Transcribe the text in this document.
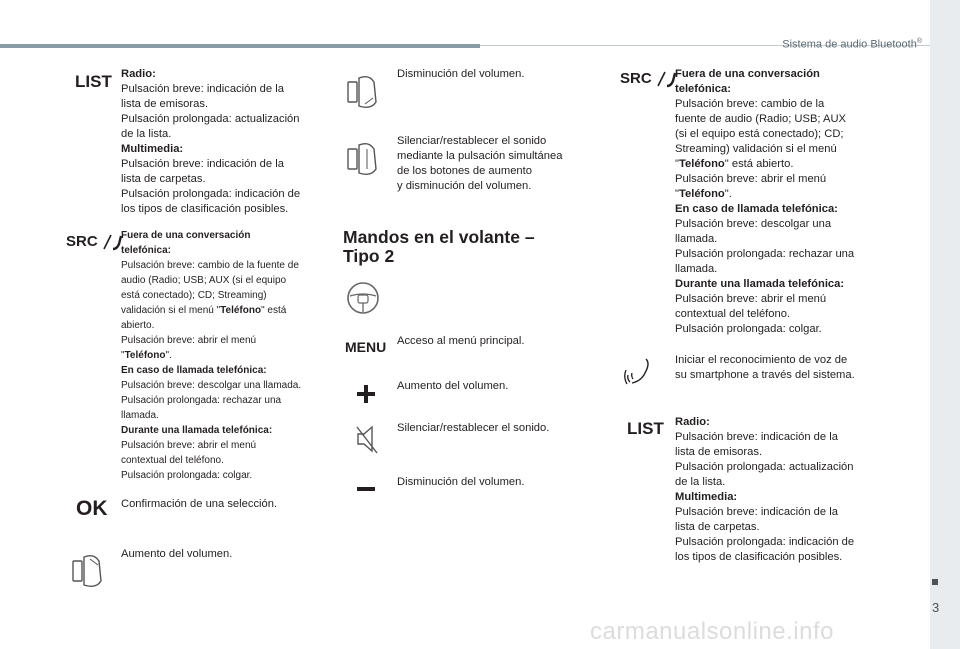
Sistema de audio Bluetooth®
3
carmanualsonline.info
LIST Radio:
Pulsación breve: indicación de la
lista de emisoras.
Pulsación prolongada: actualización
de la lista.
Multimedia:
Pulsación breve: indicación de la
lista de carpetas.
Pulsación prolongada: indicación de
los tipos de clasificación posibles.
SRC	Fuera de una conversación
telefónica:
Pulsación breve: cambio de la fuente de
audio (Radio; USB; AUX (si el equipo
está conectado); CD; Streaming)
validación si el menú "Teléfono" está
abierto.
Pulsación breve: abrir el menú
"Teléfono".
En caso de llamada telefónica:
Pulsación breve: descolgar una llamada.
Pulsación prolongada: rechazar una
llamada.
Durante una llamada telefónica:
Pulsación breve: abrir el menú
contextual del teléfono.
Pulsación prolongada: colgar.
OK Confirmación de una selección.
Aumento del volumen.
Disminución del volumen.
Silenciar/restablecer el sonido
mediante la pulsación simultánea
de los botones de aumento
y disminución del volumen.
Mandos en el volante –
Tipo 2
MENU Acceso al menú principal.
Aumento del volumen.
Silenciar/restablecer el sonido.
Disminución del volumen.
SRC	Fuera de una conversación
telefónica:
Pulsación breve: cambio de la
fuente de audio (Radio; USB; AUX
(si el equipo está conectado); CD;
Streaming) validación si el menú
"Teléfono" está abierto.
Pulsación breve: abrir el menú
"Teléfono".
En caso de llamada telefónica:
Pulsación breve: descolgar una
llamada.
Pulsación prolongada: rechazar una
llamada.
Durante una llamada telefónica:
Pulsación breve: abrir el menú
contextual del teléfono.
Pulsación prolongada: colgar.
Iniciar el reconocimiento de voz de
su smartphone a través del sistema.
LIST Radio:
Pulsación breve: indicación de la
lista de emisoras.
Pulsación prolongada: actualización
de la lista.
Multimedia:
Pulsación breve: indicación de la
lista de carpetas.
Pulsación prolongada: indicación de
los tipos de clasificación posibles.
